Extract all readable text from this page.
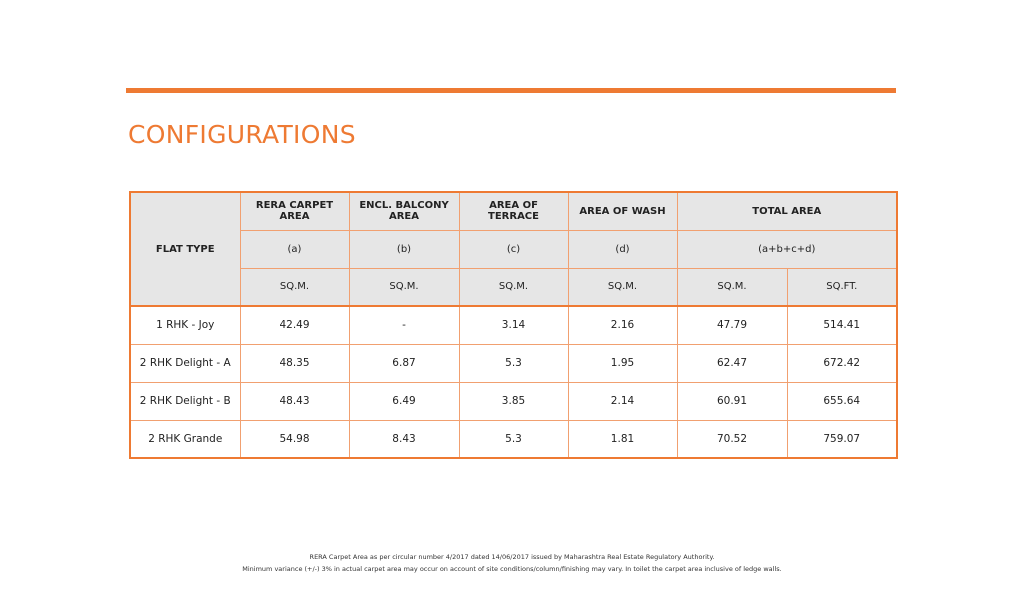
CONFIGURATIONS
FLAT TYPE	RERA CARPET AREA	ENCL. BALCONY AREA	AREA OF TERRACE	AREA OF WASH	TOTAL AREA	
	(a)	(b)	(c)	(d)	(a+b+c+d)	
	SQ.M.	SQ.M.	SQ.M.	SQ.M.	SQ.M.	SQ.FT.
1 RHK - Joy	42.49	-	3.14	2.16	47.79	514.41
2 RHK Delight - A	48.35	6.87	5.3	1.95	62.47	672.42
2 RHK Delight - B	48.43	6.49	3.85	2.14	60.91	655.64
2 RHK Grande	54.98	8.43	5.3	1.81	70.52	759.07
RERA Carpet Area as per circular number 4/2017 dated 14/06/2017 issued by Maharashtra Real Estate Regulatory Authority.
Minimum variance (+/-) 3% in actual carpet area may occur on account of site conditions/column/finishing may vary. In toilet the carpet area inclusive of ledge walls.
